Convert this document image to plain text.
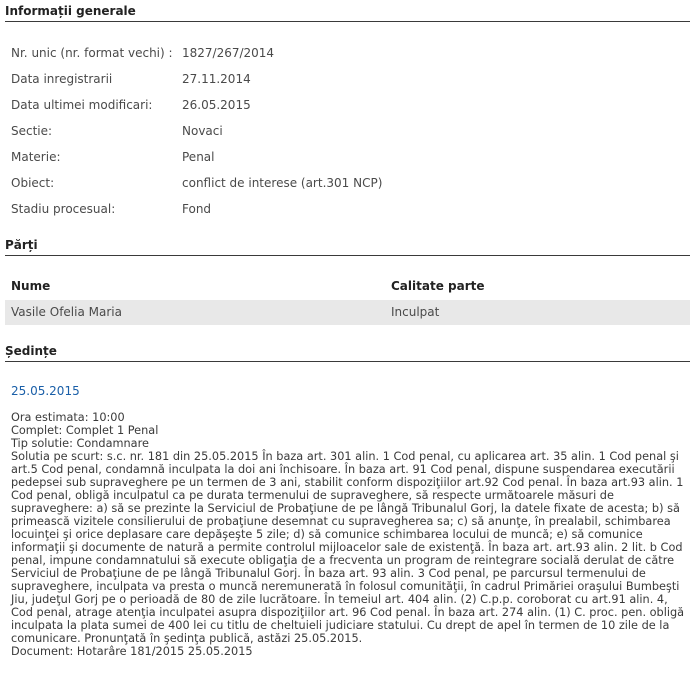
Informații generale
Nr. unic (nr. format vechi) : 1827/267/2014
Data inregistrarii	27.11.2014
Data ultimei modificari:	26.05.2015
Sectie:	Novaci
Materie:	Penal
Obiect:	conflict de interese (art.301 NCP)
Stadiu procesual:	Fond
Părți
Nume	Calitate parte
Vasile Ofelia Maria	Inculpat
Ședințe
25.05.2015
Ora estimata: 10:00
Complet: Complet 1 Penal
Tip solutie: Condamnare
Solutia pe scurt: s.c. nr. 181 din 25.05.2015 În baza art. 301 alin. 1 Cod penal, cu aplicarea art. 35 alin. 1 Cod penal şi art.5 Cod penal, condamnă inculpata la doi ani închisoare. În baza art. 91 Cod penal, dispune suspendarea executării pedepsei sub supraveghere pe un termen de 3 ani, stabilit conform dispoziţiilor art.92 Cod penal. În baza art.93 alin. 1 Cod penal, obligă inculpatul ca pe durata termenului de supraveghere, să respecte următoarele măsuri de supraveghere: a) să se prezinte la Serviciul de Probaţiune de pe lângă Tribunalul Gorj, la datele fixate de acesta; b) să primească vizitele consilierului de probaţiune desemnat cu supravegherea sa; c) să anunţe, în prealabil, schimbarea locuinţei şi orice deplasare care depăşeşte 5 zile; d) să comunice schimbarea locului de muncă; e) să comunice informaţii şi documente de natură a permite controlul mijloacelor sale de existenţă. În baza art. art.93 alin. 2 lit. b Cod penal, impune condamnatului să execute obligaţia de a frecventa un program de reintegrare socială derulat de către Serviciul de Probaţiune de pe lângă Tribunalul Gorj. În baza art. 93 alin. 3 Cod penal, pe parcursul termenului de supraveghere, inculpata va presta o muncă neremunerată în folosul comunităţii, în cadrul Primăriei oraşului Bumbeşti Jiu, judeţul Gorj pe o perioadă de 80 de zile lucrătoare. În temeiul art. 404 alin. (2) C.p.p. coroborat cu art.91 alin. 4, Cod penal, atrage atenţia inculpatei asupra dispoziţiilor art. 96 Cod penal. În baza art. 274 alin. (1) C. proc. pen. obligă inculpata la plata sumei de 400 lei cu titlu de cheltuieli judiciare statului. Cu drept de apel în termen de 10 zile de la comunicare. Pronunţată în şedinţa publică, astăzi 25.05.2015.
Document: Hotarâre 181/2015 25.05.2015
